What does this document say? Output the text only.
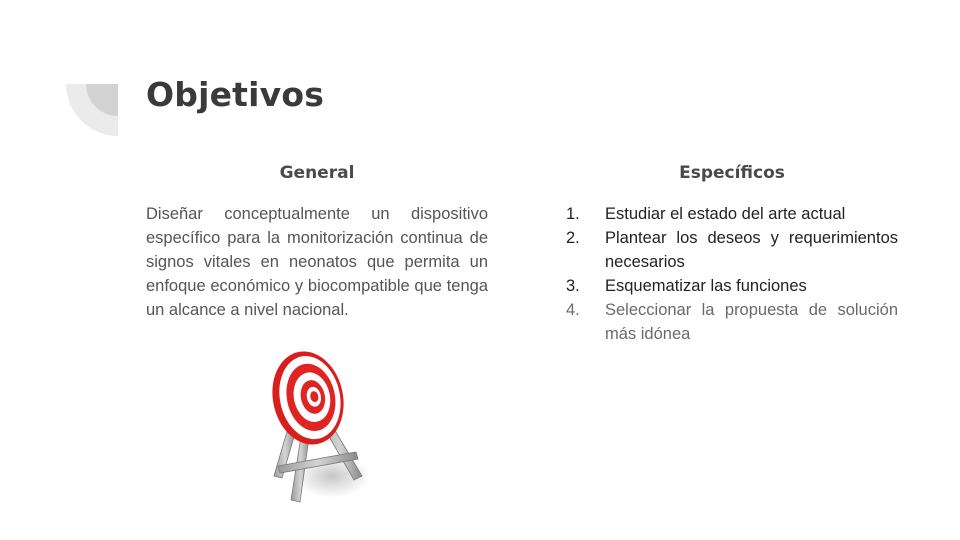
Objetivos
General

Diseñar conceptualmente un dispositivo específico para la monitorización continua de signos vitales en neonatos que permita un enfoque económico y biocompatible que tenga un alcance a nivel nacional.

Específicos
1.	Estudiar el estado del arte actual
2.	Plantear los deseos y requerimientos necesarios
3.	Esquematizar las funciones
4.	Seleccionar la propuesta de solución más idónea
